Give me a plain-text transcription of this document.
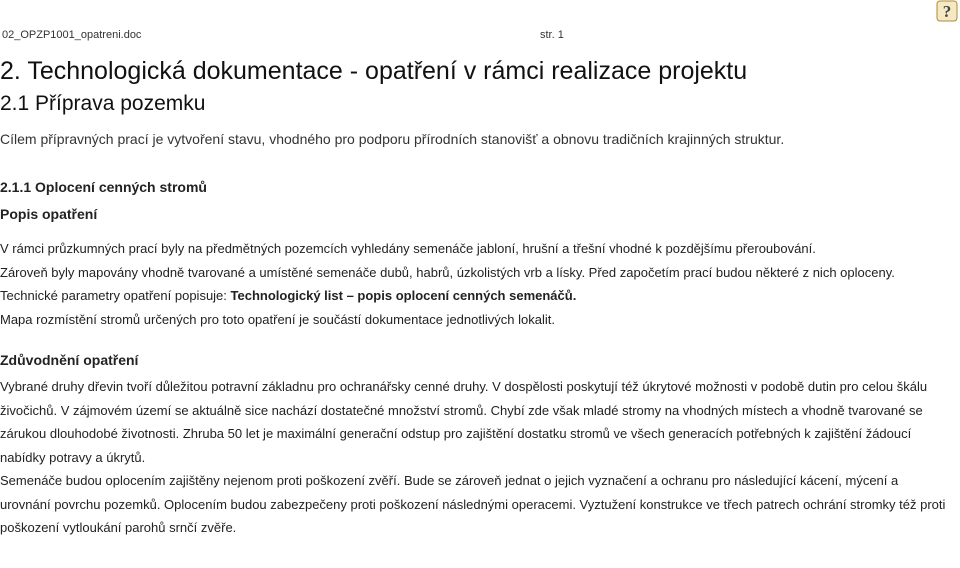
02_OPZP1001_opatreni.doc	str. 1
?
2. Technologická dokumentace - opatření v rámci realizace projektu
2.1 Příprava pozemku
Cílem přípravných prací je vytvoření stavu, vhodného pro podporu přírodních stanovišť a obnovu tradičních krajinných struktur.
2.1.1 Oplocení cenných stromů
Popis opatření

V rámci průzkumných prací byly na předmětných pozemcích vyhledány semenáče jabloní, hrušní a třešní vhodné k pozdějšímu přeroubování.

Zároveň byly mapovány vhodně tvarované a umístěné semenáče dubů, habrů, úzkolistých vrb a lísky. Před započetím prací budou některé z nich oploceny.

Technické parametry opatření popisuje: Technologický list – popis oplocení cenných semenáčů.

Mapa rozmístění stromů určených pro toto opatření je součástí dokumentace jednotlivých lokalit.

Zdůvodnění opatření

Vybrané druhy dřevin tvoří důležitou potravní základnu pro ochranářsky cenné druhy. V dospělosti poskytují též úkrytové možnosti v podobě dutin pro celou škálu živočichů. V zájmovém území se aktuálně sice nachází dostatečné množství stromů. Chybí zde však mladé stromy na vhodných místech a vhodně tvarované se zárukou dlouhodobé životnosti. Zhruba 50 let je maximální generační odstup pro zajištění dostatku stromů ve všech generacích potřebných k zajištění žádoucí nabídky potravy a úkrytů.

Semenáče budou oplocením zajištěny nejenom proti poškození zvěří. Bude se zároveň jednat o jejich vyznačení a ochranu pro následující kácení, mýcení a urovnání povrchu pozemků. Oplocením budou zabezpečeny proti poškození následnými operacemi. Vyztužení konstrukce ve třech patrech ochrání stromky též proti poškození vytloukání parohů srnčí zvěře.
